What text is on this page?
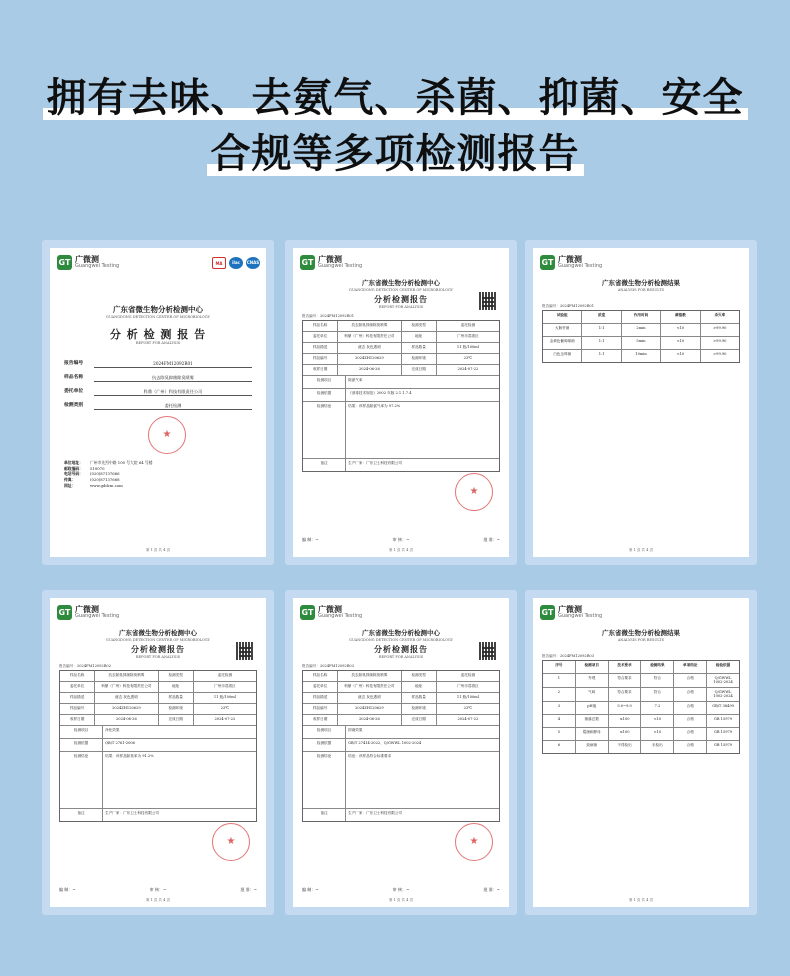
拥有去味、去氨气、杀菌、抑菌、安全
合规等多项检测报告
GT 广微测
Guangwei Testing	MA	ilac	CNAS
广东省微生物分析检测中心
GUANGDONG DETECTION CENTER OF MICROBIOLOGY
分 析 检 测 报 告
REPORT FOR ANALYSIS
报告编号	2024FM12092R01
样品名称	抗去除臭抑菌除臭喷雾
委托单位	科鼎（广州）科技有限责任公司
检测类别	委托检测
★
单位地址： 广州市先烈中路 100 号大院 64 号楼
邮政编码： 510070
电话号码： (020)87137666
传真：	(020)87137668
网址：	www.gddcm.com
第 1 页 共 4 页
GT 广微测
Guangwei Testing
广东省微生物分析检测中心
GUANGDONG DETECTION CENTER OF MICROBIOLOGY
分析检测报告
REPORT FOR ANALYSIS
报告编号：2024FM12092R01
样品名称	抗去除臭抑菌除臭喷雾	检测类型	委托检测
委托单位	科鼎（广州）科技有限责任公司	地址	广州市荔湾区
样品描述	液态 灰色透明	样品数量	11 瓶/100ml
样品编号	2024ZH120629	检测环境	23℃
收样日期	2024-06-26	完成日期	2024-07-22
检测项目	除氨气率
检测依据	《消毒技术规范》2002 年版 2.1.1.7.4
检测结论	结果：该样品除氨气率为 97.2%
备注	生产厂家：广东卫士科技有限公司
★
编 制：~	审 核：~	批 准：~
第 1 页 共 4 页
GT 广微测
Guangwei Testing
广东省微生物分析检测结果
ANALYSIS FOR RESULTS
报告编号：2024FM12092R01
试验组	浓度	作用时间	菌落数	杀灭率
大肠杆菌	1:1	2min	<10	>99.90
金黄色葡萄球菌	1:1	5min	<10	>99.90
白色念珠菌	1:1	10min	<10	>99.90
第 1 页 共 4 页
GT 广微测
Guangwei Testing
广东省微生物分析检测中心
GUANGDONG DETECTION CENTER OF MICROBIOLOGY
分析检测报告
REPORT FOR ANALYSIS
报告编号：2024FM12092R02
样品名称	抗去除臭抑菌除臭喷雾	检测类型	委托检测
委托单位	科鼎（广州）科技有限责任公司	地址	广州市荔湾区
样品描述	液态 灰色透明	样品数量	11 瓶/100ml
样品编号	2024ZH120629	检测环境	23℃
收样日期	2024-06-26	完成日期	2024-07-22
检测项目	净化效果
检测依据	QB/T 2761-2006
检测结论	结果：该样品除臭率为 91.2%
备注	生产厂家：广东卫士科技有限公司
★
编 制：~	审 核：~	批 准：~
第 1 页 共 4 页
GT 广微测
Guangwei Testing
广东省微生物分析检测中心
GUANGDONG DETECTION CENTER OF MICROBIOLOGY
分析检测报告
REPORT FOR ANALYSIS
报告编号：2024FM12092R03
样品名称	抗去除臭抑菌除臭喷雾	检测类型	委托检测
委托单位	科鼎（广州）科技有限责任公司	地址	广州市荔湾区
样品描述	液态 灰色透明	样品数量	11 瓶/100ml
样品编号	2024ZH120629	检测环境	23℃
收样日期	2024-06-26	完成日期	2024-07-22
检测项目	抑菌效果
检测依据	GB/T 27414-2022、Q/GWWL 1002-2024
检测结论	结论：该样品符合标准要求
备注	生产厂家：广东卫士科技有限公司
★
编 制：~	审 核：~	批 准：~
第 1 页 共 4 页
GT 广微测
Guangwei Testing
广东省微生物分析检测结果
ANALYSIS FOR RESULTS
报告编号：2024FM12092R03
序号	检测项目	技术要求	检测结果	单项结论	检验依据
1	外观	符合要求	符合	合格	Q/GWWL 1002-2024
2	气味	符合要求	符合	合格	Q/GWWL 1002-2024
3	pH值	5.0~9.0	7.2	合格	GB/T 38499
4	菌落总数	≤100	<10	合格	GB 15979
5	霉菌和酵母	≤100	<10	合格	GB 15979
6	致病菌	不得检出	未检出	合格	GB 15979
第 1 页 共 4 页
